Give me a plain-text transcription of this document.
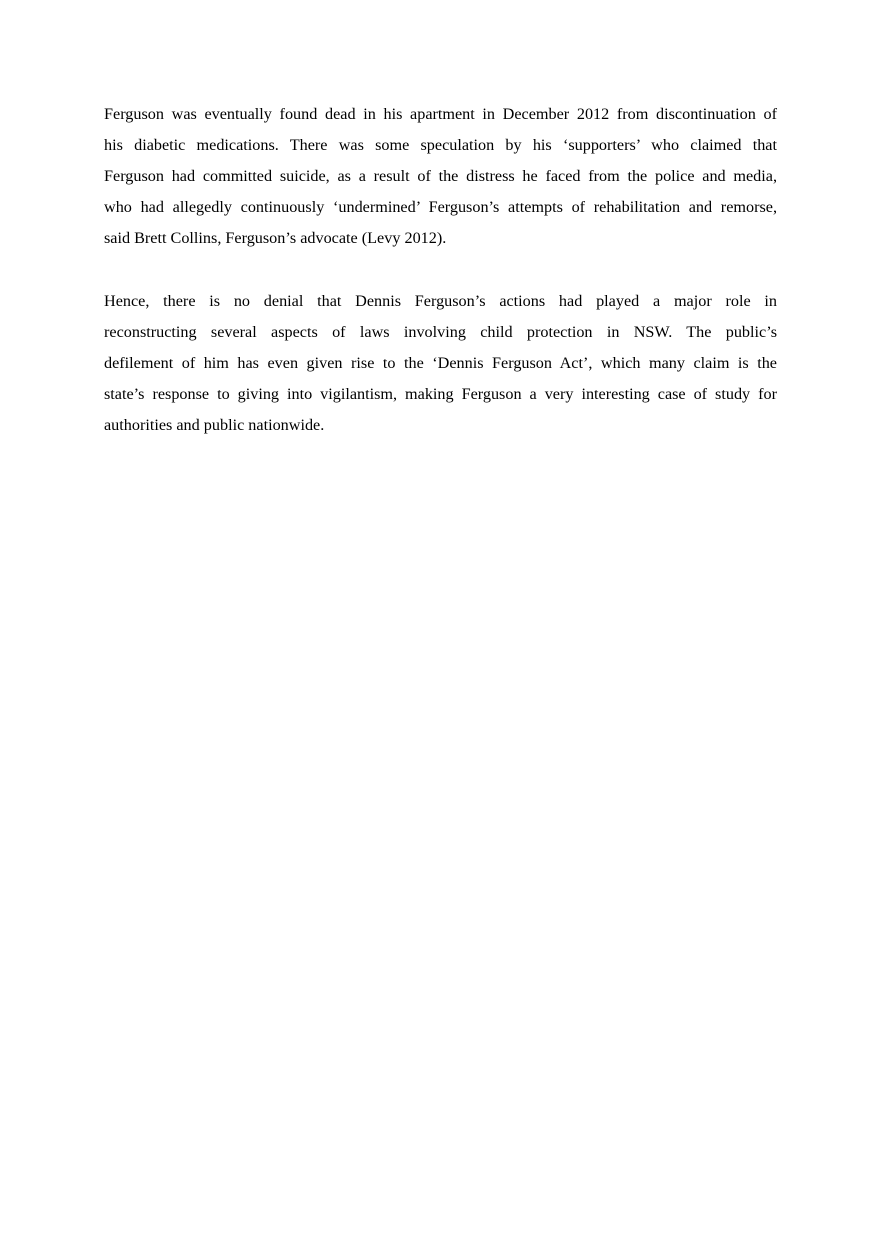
Ferguson was eventually found dead in his apartment in December 2012 from discontinuation of
his diabetic medications. There was some speculation by his ‘supporters’ who claimed that
Ferguson had committed suicide, as a result of the distress he faced from the police and media,
who had allegedly continuously ‘undermined’ Ferguson’s attempts of rehabilitation and remorse,
said Brett Collins, Ferguson’s advocate (Levy 2012).
Hence, there is no denial that Dennis Ferguson’s actions had played a major role in
reconstructing several aspects of laws involving child protection in NSW. The public’s
defilement of him has even given rise to the ‘Dennis Ferguson Act’, which many claim is the
state’s response to giving into vigilantism, making Ferguson a very interesting case of study for
authorities and public nationwide.
